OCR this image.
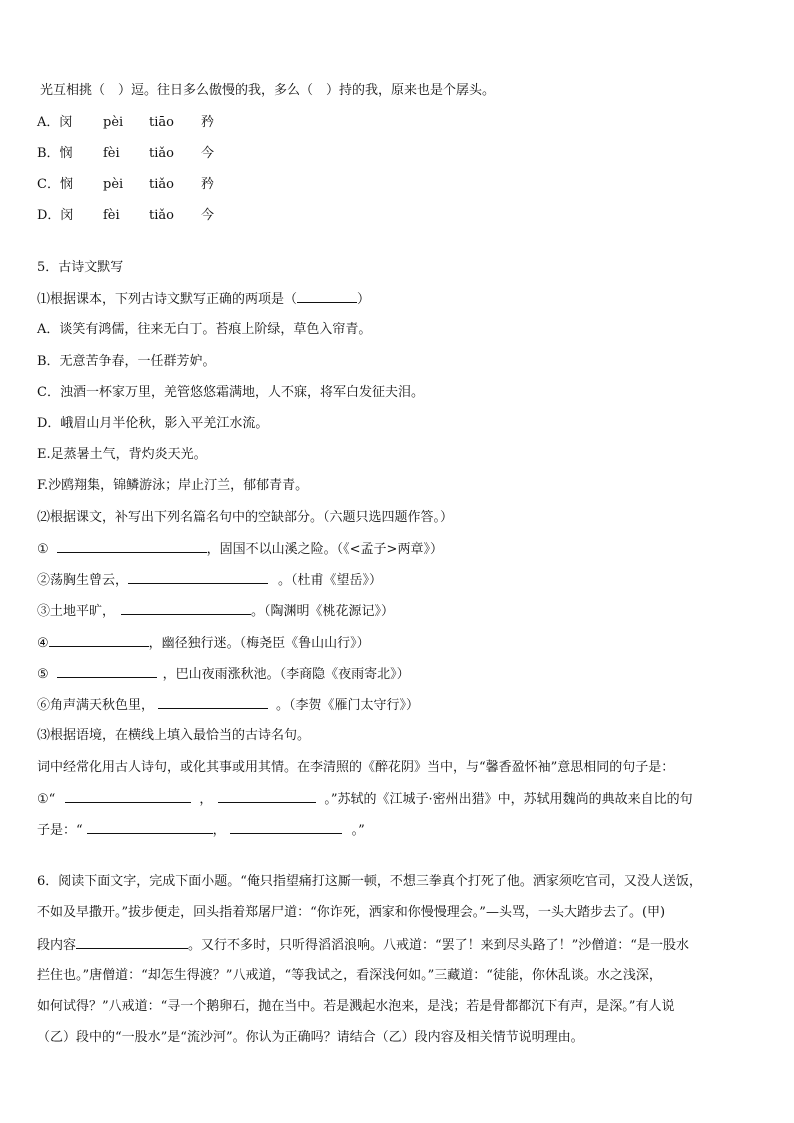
光互相挑（　）逗。往日多么傲慢的我，多么（　）持的我，原来也是个孱头。
A．闵 pèi tiāo 矜
B．悯 fèi tiǎo 今
C．悯 pèi tiǎo 矜
D．闵 fèi tiǎo 今
5．古诗文默写
⑴根据课本，下列古诗文默写正确的两项是（	）
A．谈笑有鸿儒，往来无白丁。苔痕上阶绿，草色入帘青。
B．无意苦争春，一任群芳妒。
C．浊酒一杯家万里，羌管悠悠霜满地，人不寐，将军白发征夫泪。
D．峨眉山月半伦秋，影入平羌江水流。
E.足蒸暑土气，背灼炎天光。
F.沙鸥翔集，锦鳞游泳；岸止汀兰，郁郁青青。
⑵根据课文，补写出下列名篇名句中的空缺部分。（六题只选四题作答。）
①	，固国不以山溪之险。（《<孟子>两章》）
②荡胸生曾云，	。（杜甫《望岳》）
③土地平旷，	。（陶渊明《桃花源记》）
④	，幽径独行迷。（梅尧臣《鲁山山行》）
⑤	，巴山夜雨涨秋池。（李商隐《夜雨寄北》）
⑥角声满天秋色里，	。（李贺《雁门太守行》）
⑶根据语境，在横线上填入最恰当的古诗名句。
词中经常化用古人诗句，或化其事或用其情。在李清照的《醉花阴》当中，与“馨香盈怀袖”意思相同的句子是：
①“	，	。”苏轼的《江城子·密州出猎》中，苏轼用魏尚的典故来自比的句
子是：“	，	。”
6．阅读下面文字，完成下面小题。“俺只指望痛打这厮一顿，不想三拳真个打死了他。洒家须吃官司，又没人送饭，
不如及早撒开。”拔步便走，回头指着郑屠尸道：“你诈死，洒家和你慢慢理会。”—头骂，一头大踏步去了。(甲)
段内容	。又行不多时，只听得滔滔浪响。八戒道：“罢了！来到尽头路了！”沙僧道：“是一股水
拦住也。”唐僧道：“却怎生得渡？”八戒道，“等我试之，看深浅何如。”三藏道：“徒能，你休乱谈。水之浅深，
如何试得？”八戒道：“寻一个鹅卵石，抛在当中。若是溅起水泡来，是浅；若是骨都都沉下有声，是深。”有人说
（乙）段中的“一股水”是“流沙河”。你认为正确吗？请结合（乙）段内容及相关情节说明理由。
